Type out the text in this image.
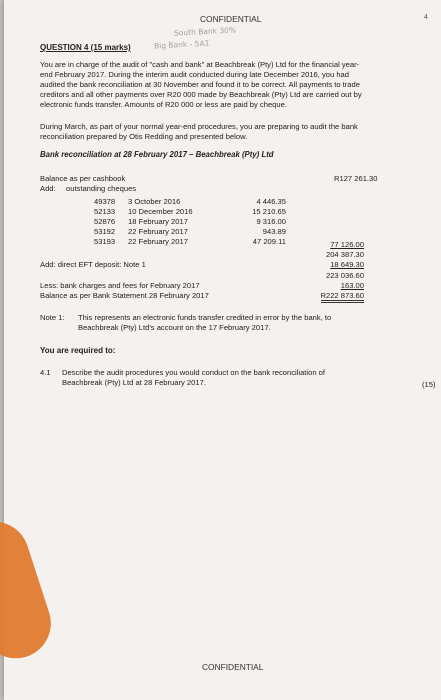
CONFIDENTIAL	4
South Bank 30%
Big Bank - 5A1
QUESTION 4 (15 marks)
You are in charge of the audit of "cash and bank" at Beachbreak (Pty) Ltd for the financial year-
end February 2017. During the interim audit conducted during late December 2016, you had
audited the bank reconciliation at 30 November and found it to be correct. All payments to trade
creditors and all other payments over R20 000 made by Beachbreak (Pty) Ltd are carried out by
electronic funds transfer. Amounts of R20 000 or less are paid by cheque.
During March, as part of your normal year-end procedures, you are preparing to audit the bank
reconciliation prepared by Otis Redding and presented below.
Bank reconciliation at 28 February 2017 – Beachbreak (Pty) Ltd
Balance as per cashbook	R127 261.30
Add: outstanding cheques
49378 3 October 2016	4 446.35
52133 10 December 2016	15 210.65
52876 18 February 2017	9 316.00
53192 22 February 2017	943.89
53193 22 February 2017	47 209.11	77 126.00
204 387.30
Add: direct EFT deposit: Note 1	18 649.30
223 036.60
Less: bank charges and fees for February 2017	163.00
Balance as per Bank Statement 28 February 2017	R222 873.60
Note 1: This represents an electronic funds transfer credited in error by the bank, to
Beachbreak (Pty) Ltd's account on the 17 February 2017.
You are required to:
4.1 Describe the audit procedures you would conduct on the bank reconciliation of
Beachbreak (Pty) Ltd at 28 February 2017.	(15)
CONFIDENTIAL
